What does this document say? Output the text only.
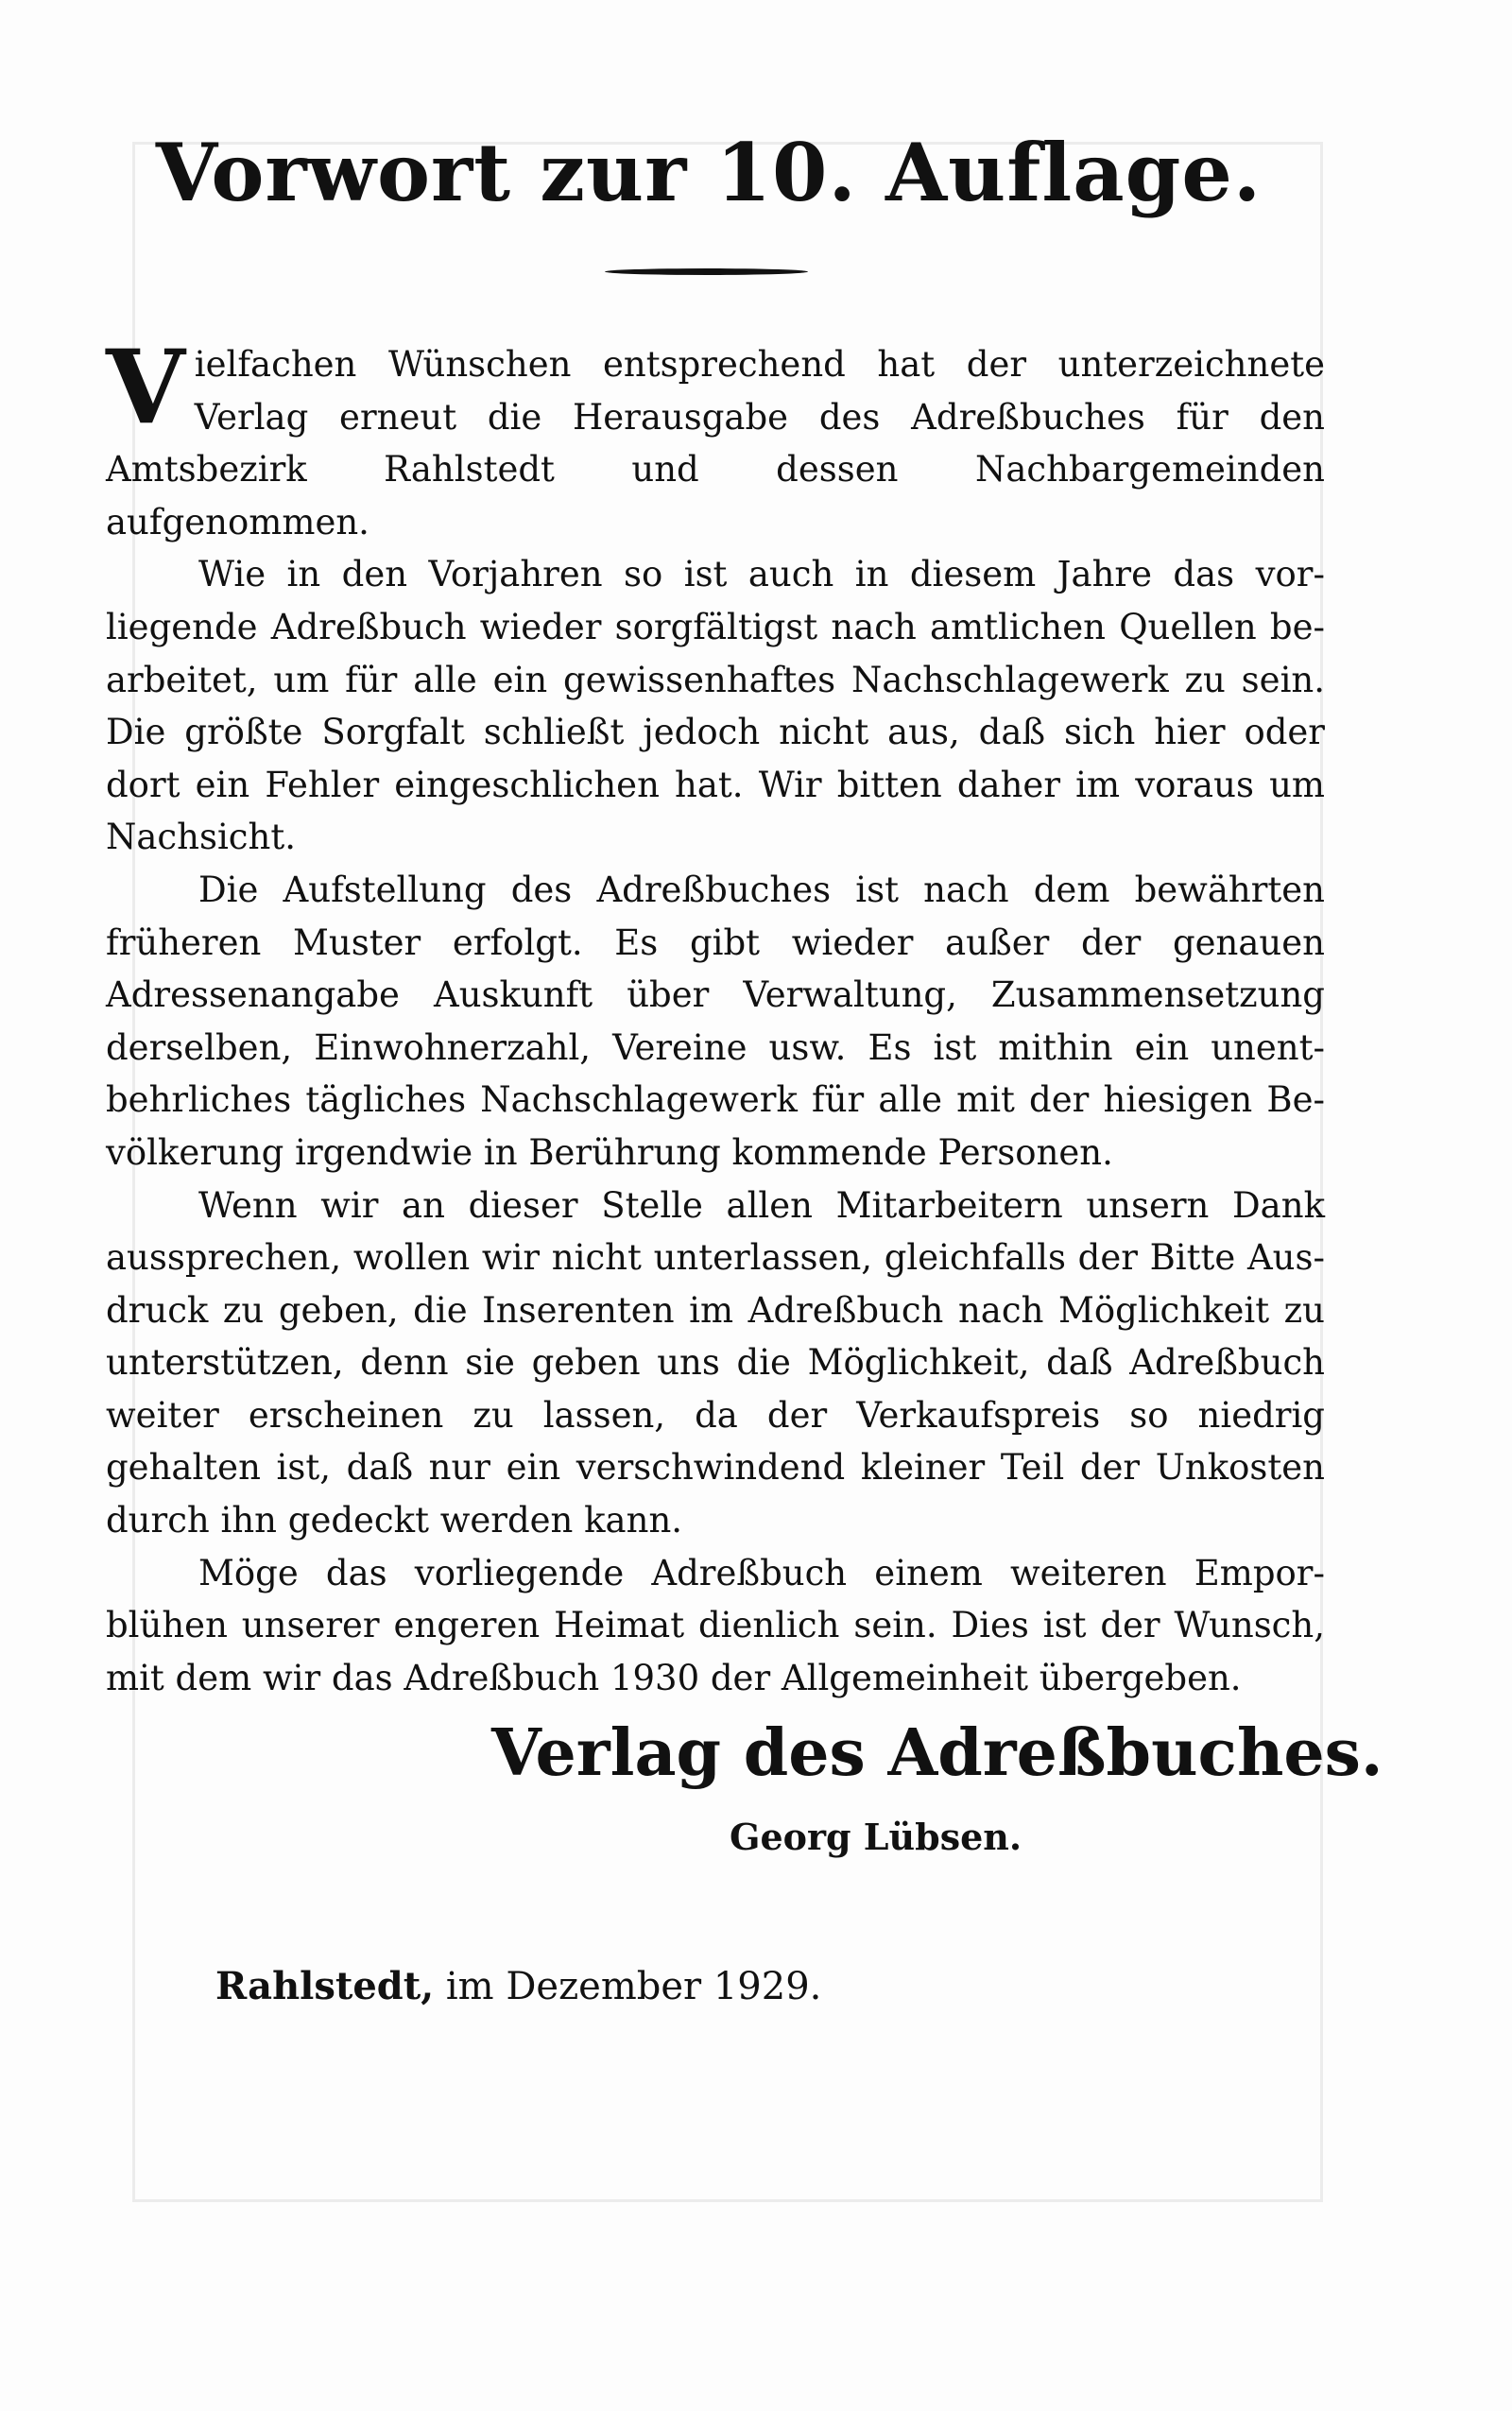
Vorwort zur 10. Auflage.

Vielfachen Wünschen entsprechend hat der unterzeichnete Verlag erneut die Herausgabe des Adreßbuches für den Amtsbezirk Rahlstedt und dessen Nachbargemeinden aufgenommen.

Wie in den Vorjahren so ist auch in diesem Jahre das vorliegende Adreßbuch wieder sorgfältigst nach amtlichen Quellen bearbeitet, um für alle ein gewissenhaftes Nachschlagewerk zu sein. Die größte Sorgfalt schließt jedoch nicht aus, daß sich hier oder dort ein Fehler eingeschlichen hat. Wir bitten daher im voraus um Nachsicht.

Die Aufstellung des Adreßbuches ist nach dem bewährten früheren Muster erfolgt. Es gibt wieder außer der genauen Adressenangabe Auskunft über Verwaltung, Zusammensetzung derselben, Einwohnerzahl, Vereine usw. Es ist mithin ein unentbehrliches tägliches Nachschlagewerk für alle mit der hiesigen Bevölkerung irgendwie in Berührung kommende Personen.

Wenn wir an dieser Stelle allen Mitarbeitern unsern Dank aussprechen, wollen wir nicht unterlassen, gleichfalls der Bitte Ausdruck zu geben, die Inserenten im Adreßbuch nach Möglichkeit zu unterstützen, denn sie geben uns die Möglichkeit, daß Adreßbuch weiter erscheinen zu lassen, da der Verkaufspreis so niedrig gehalten ist, daß nur ein verschwindend kleiner Teil der Unkosten durch ihn gedeckt werden kann.

Möge das vorliegende Adreßbuch einem weiteren Emporblühen unserer engeren Heimat dienlich sein. Dies ist der Wunsch, mit dem wir das Adreßbuch 1930 der Allgemeinheit übergeben.

Verlag des Adreßbuches.
Georg Lübsen.
Rahlstedt, im Dezember 1929.
